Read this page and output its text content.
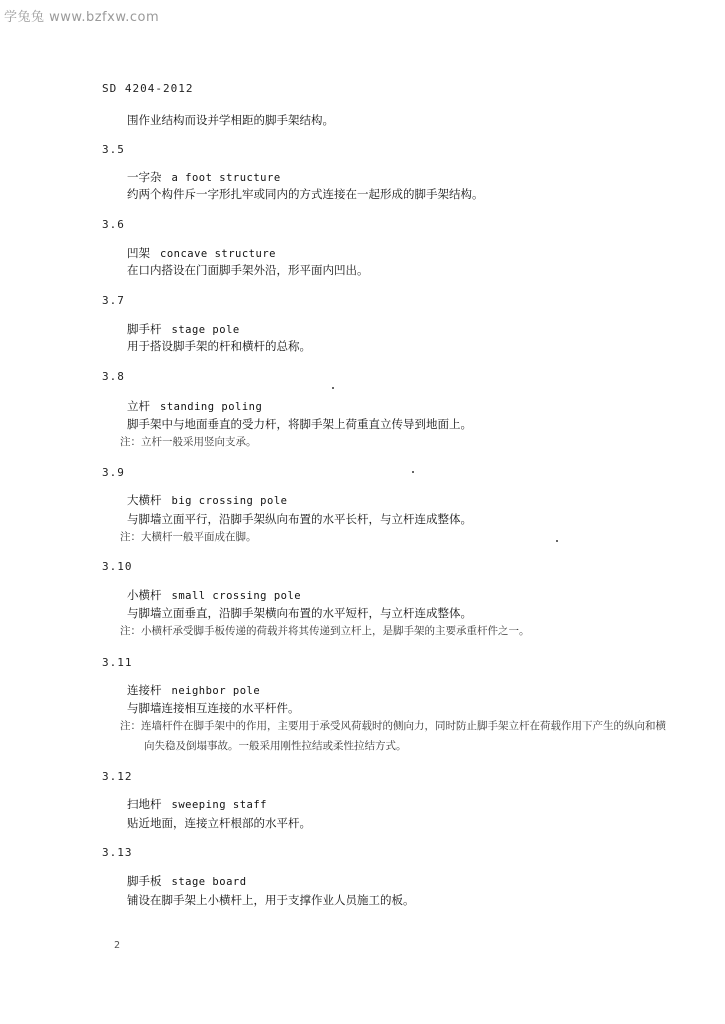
学兔兔 www.bzfxw.com
SD 4204-2012
围作业结构而设并学相距的脚手架结构。
3.5
一字杂 a foot structure
约两个构件斥一字形扎牢或同内的方式连接在一起形成的脚手架结构。
3.6
凹架 concave structure
在口内搭设在门面脚手架外沿，形平面内凹出。
3.7
脚手杆 stage pole
用于搭设脚手架的杆和横杆的总称。
3.8
立杆 standing poling
脚手架中与地面垂直的受力杆，将脚手架上荷重直立传导到地面上。
注：立杆一般采用竖向支承。
3.9
大横杆 big crossing pole
与脚墙立面平行，沿脚手架纵向布置的水平长杆，与立杆连成整体。
注：大横杆一般平面成在脚。
3.10
小横杆 small crossing pole
与脚墙立面垂直，沿脚手架横向布置的水平短杆，与立杆连成整体。
注：小横杆承受脚手板传递的荷载并将其传递到立杆上，是脚手架的主要承重杆件之一。
3.11
连接杆 neighbor pole
与脚墙连接相互连接的水平杆件。
注：连墙杆件在脚手架中的作用，主要用于承受风荷载时的侧向力，同时防止脚手架立杆在荷载作用下产生的纵向和横
向失稳及倒塌事故。一般采用刚性拉结或柔性拉结方式。
3.12
扫地杆 sweeping staff
贴近地面，连接立杆根部的水平杆。
3.13
脚手板 stage board
铺设在脚手架上小横杆上，用于支撑作业人员施工的板。
2
